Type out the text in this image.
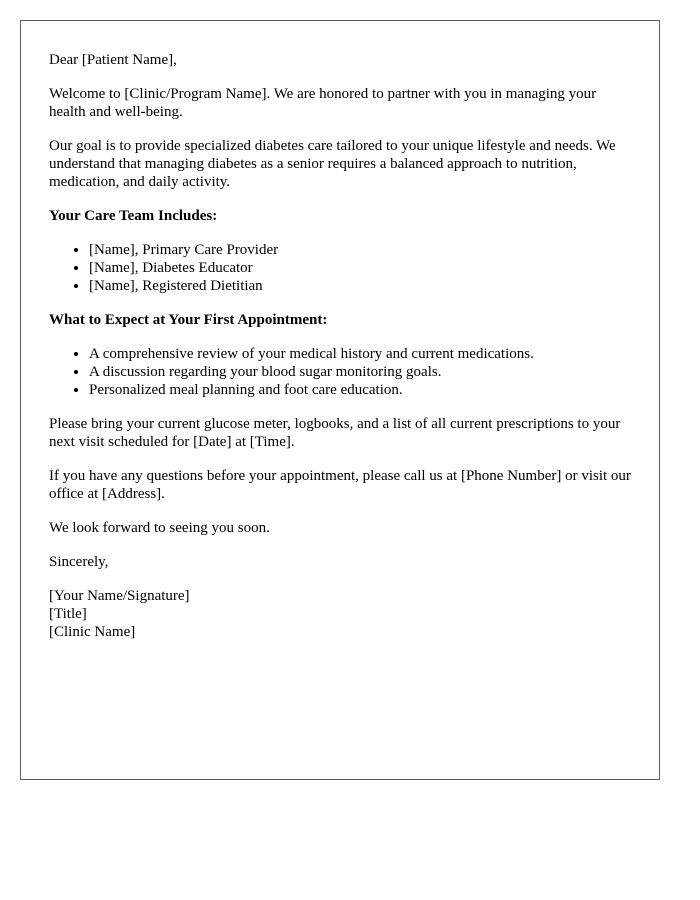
Dear [Patient Name],

Welcome to [Clinic/Program Name]. We are honored to partner with you in managing your health and well-being.

Our goal is to provide specialized diabetes care tailored to your unique lifestyle and needs. We understand that managing diabetes as a senior requires a balanced approach to nutrition, medication, and daily activity.

Your Care Team Includes:
• [Name], Primary Care Provider
• [Name], Diabetes Educator
• [Name], Registered Dietitian
What to Expect at Your First Appointment:
• A comprehensive review of your medical history and current medications.
• A discussion regarding your blood sugar monitoring goals.
• Personalized meal planning and foot care education.

Please bring your current glucose meter, logbooks, and a list of all current prescriptions to your next visit scheduled for [Date] at [Time].

If you have any questions before your appointment, please call us at [Phone Number] or visit our office at [Address].

We look forward to seeing you soon.

Sincerely,

[Your Name/Signature]
[Title]
[Clinic Name]
